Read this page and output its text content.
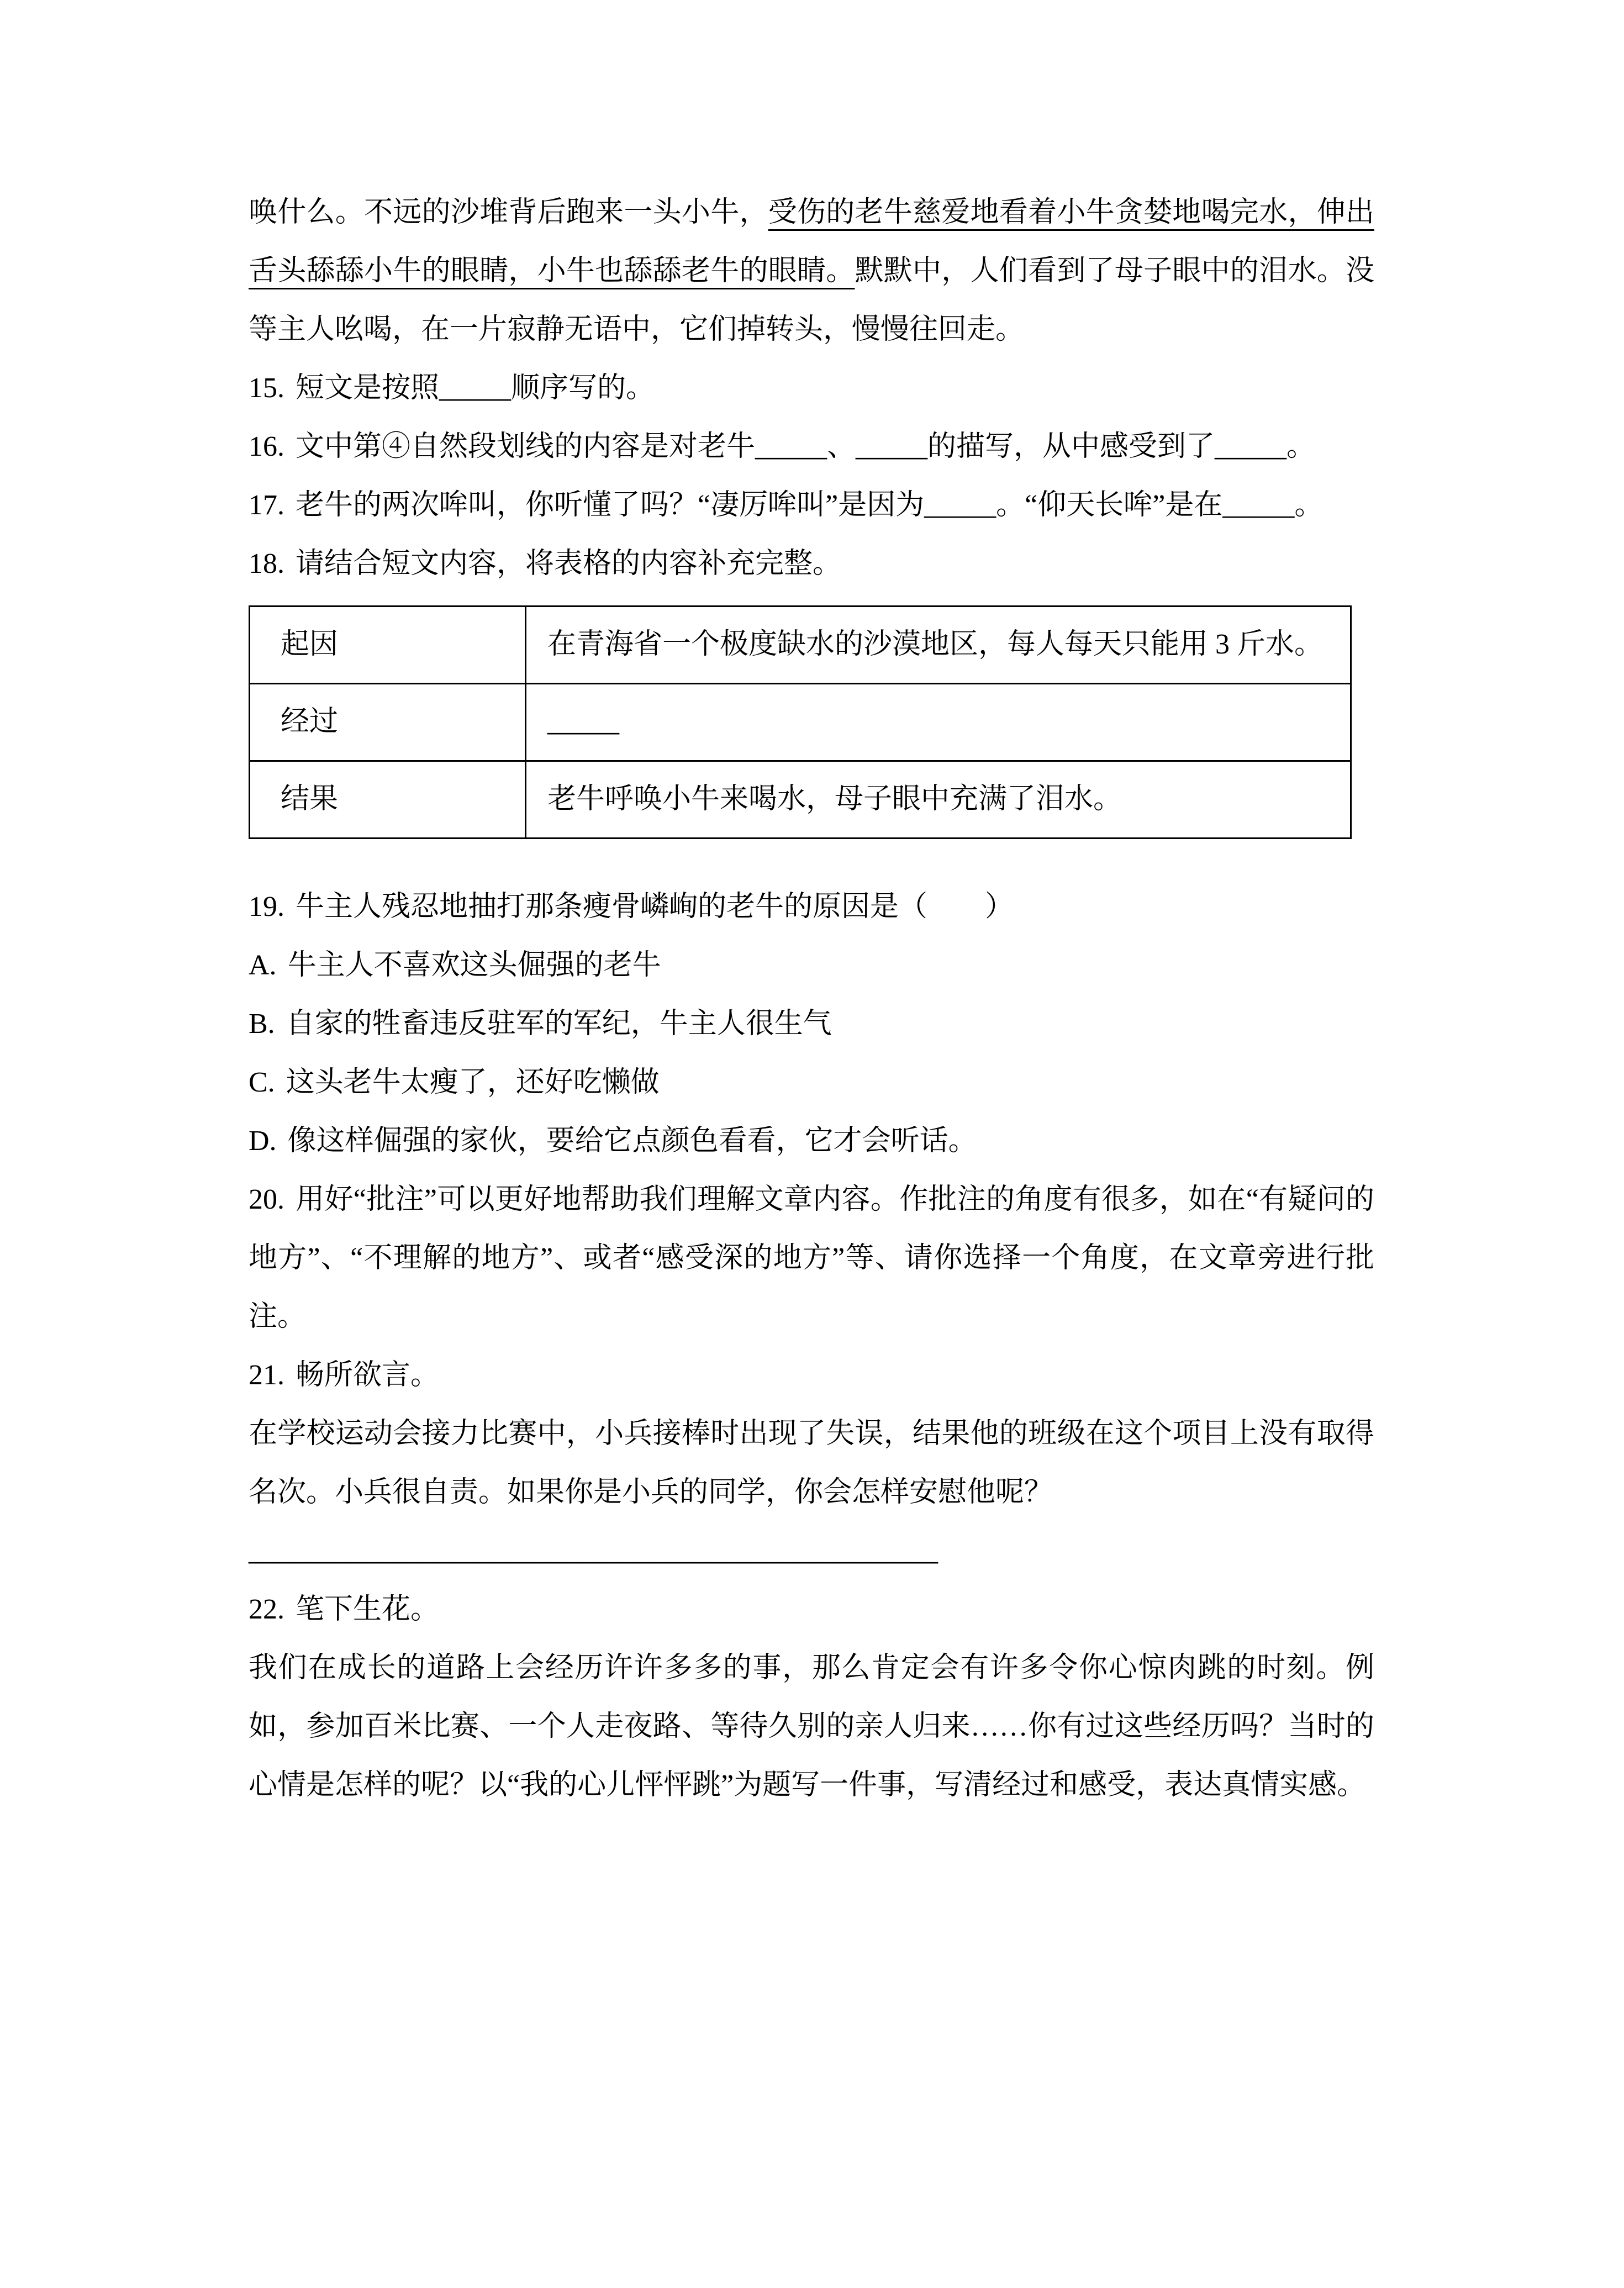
唤什么。不远的沙堆背后跑来一头小牛，受伤的老牛慈爱地看着小牛贪婪地喝完水，伸出舌头舔舔小牛的眼睛，小牛也舔舔老牛的眼睛。默默中，人们看到了母子眼中的泪水。没等主人吆喝，在一片寂静无语中，它们掉转头，慢慢往回走。

15. 短文是按照_____顺序写的。
16. 文中第④自然段划线的内容是对老牛_____、_____的描写，从中感受到了_____。
17. 老牛的两次哞叫，你听懂了吗？“凄厉哞叫”是因为_____。“仰天长哞”是在_____。
18. 请结合短文内容，将表格的内容补充完整。
起因	在青海省一个极度缺水的沙漠地区，每人每天只能用 3 斤水。
经过	_____
结果	老牛呼唤小牛来喝水，母子眼中充满了泪水。
19. 牛主人残忍地抽打那条瘦骨嶙峋的老牛的原因是（　　）
A. 牛主人不喜欢这头倔强的老牛
B. 自家的牲畜违反驻军的军纪，牛主人很生气
C. 这头老牛太瘦了，还好吃懒做
D. 像这样倔强的家伙，要给它点颜色看看，它才会听话。
20. 用好“批注”可以更好地帮助我们理解文章内容。作批注的角度有很多，如在“有疑问的地方”、“不理解的地方”、或者“感受深的地方”等、请你选择一个角度，在文章旁进行批注。
21. 畅所欲言。

在学校运动会接力比赛中，小兵接棒时出现了失误，结果他的班级在这个项目上没有取得名次。小兵很自责。如果你是小兵的同学，你会怎样安慰他呢？

________________________________________________
22. 笔下生花。

我们在成长的道路上会经历许许多多的事，那么肯定会有许多令你心惊肉跳的时刻。例如，参加百米比赛、一个人走夜路、等待久别的亲人归来……你有过这些经历吗？当时的心情是怎样的呢？以“我的心儿怦怦跳”为题写一件事，写清经过和感受，表达真情实感。
